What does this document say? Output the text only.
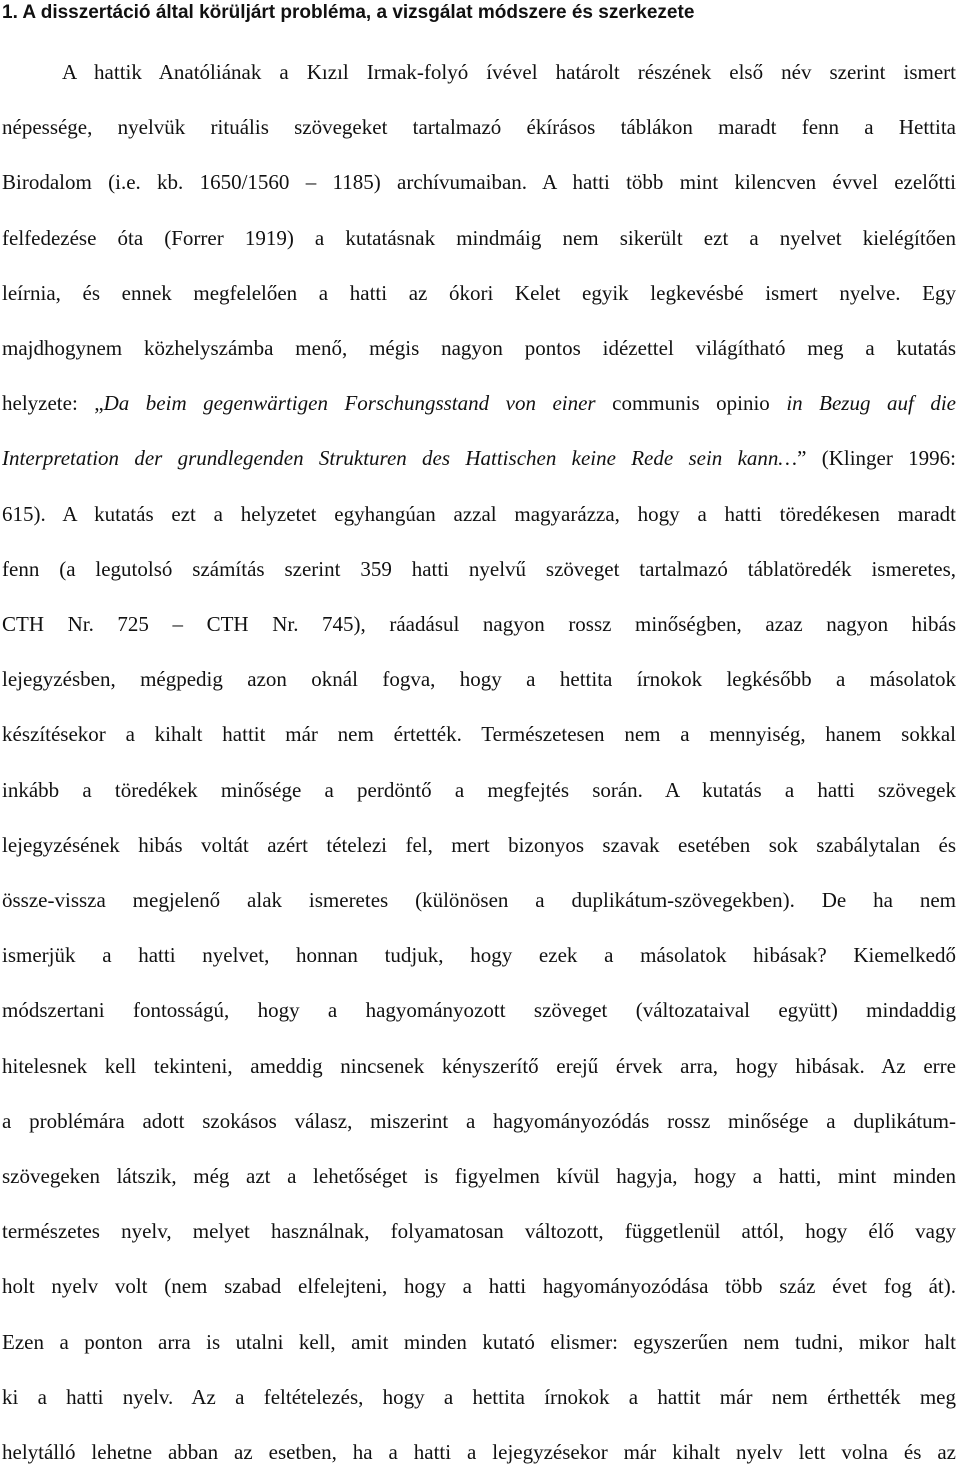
1. A disszertáció által körüljárt probléma, a vizsgálat módszere és szerkezete
A hattik Anatóliának a Kızıl Irmak-folyó ívével határolt részének első név szerint ismert
népessége, nyelvük rituális szövegeket tartalmazó ékírásos táblákon maradt fenn a Hettita
Birodalom (i.e. kb. 1650/1560 – 1185) archívumaiban. A hatti több mint kilencven évvel ezelőtti
felfedezése óta (Forrer 1919) a kutatásnak mindmáig nem sikerült ezt a nyelvet kielégítően
leírnia, és ennek megfelelően a hatti az ókori Kelet egyik legkevésbé ismert nyelve. Egy
majdhogynem közhelyszámba menő, mégis nagyon pontos idézettel világítható meg a kutatás
helyzete: „Da beim gegenwärtigen Forschungsstand von einer communis opinio in Bezug auf die
Interpretation der grundlegenden Strukturen des Hattischen keine Rede sein kann…” (Klinger 1996:
615). A kutatás ezt a helyzetet egyhangúan azzal magyarázza, hogy a hatti töredékesen maradt
fenn (a legutolsó számítás szerint 359 hatti nyelvű szöveget tartalmazó táblatöredék ismeretes,
CTH Nr. 725 – CTH Nr. 745), ráadásul nagyon rossz minőségben, azaz nagyon hibás
lejegyzésben, mégpedig azon oknál fogva, hogy a hettita írnokok legkésőbb a másolatok
készítésekor a kihalt hattit már nem értették. Természetesen nem a mennyiség, hanem sokkal
inkább a töredékek minősége a perdöntő a megfejtés során. A kutatás a hatti szövegek
lejegyzésének hibás voltát azért tételezi fel, mert bizonyos szavak esetében sok szabálytalan és
össze-vissza megjelenő alak ismeretes (különösen a duplikátum-szövegekben). De ha nem
ismerjük a hatti nyelvet, honnan tudjuk, hogy ezek a másolatok hibásak? Kiemelkedő
módszertani fontosságú, hogy a hagyományozott szöveget (változataival együtt) mindaddig
hitelesnek kell tekinteni, ameddig nincsenek kényszerítő erejű érvek arra, hogy hibásak. Az erre
a problémára adott szokásos válasz, miszerint a hagyományozódás rossz minősége a duplikátum-
szövegeken látszik, még azt a lehetőséget is figyelmen kívül hagyja, hogy a hatti, mint minden
természetes nyelv, melyet használnak, folyamatosan változott, függetlenül attól, hogy élő vagy
holt nyelv volt (nem szabad elfelejteni, hogy a hatti hagyományozódása több száz évet fog át).
Ezen a ponton arra is utalni kell, amit minden kutató elismer: egyszerűen nem tudni, mikor halt
ki a hatti nyelv. Az a feltételezés, hogy a hettita írnokok a hattit már nem érthették meg
helytálló lehetne abban az esetben, ha a hatti a lejegyzésekor már kihalt nyelv lett volna és az
